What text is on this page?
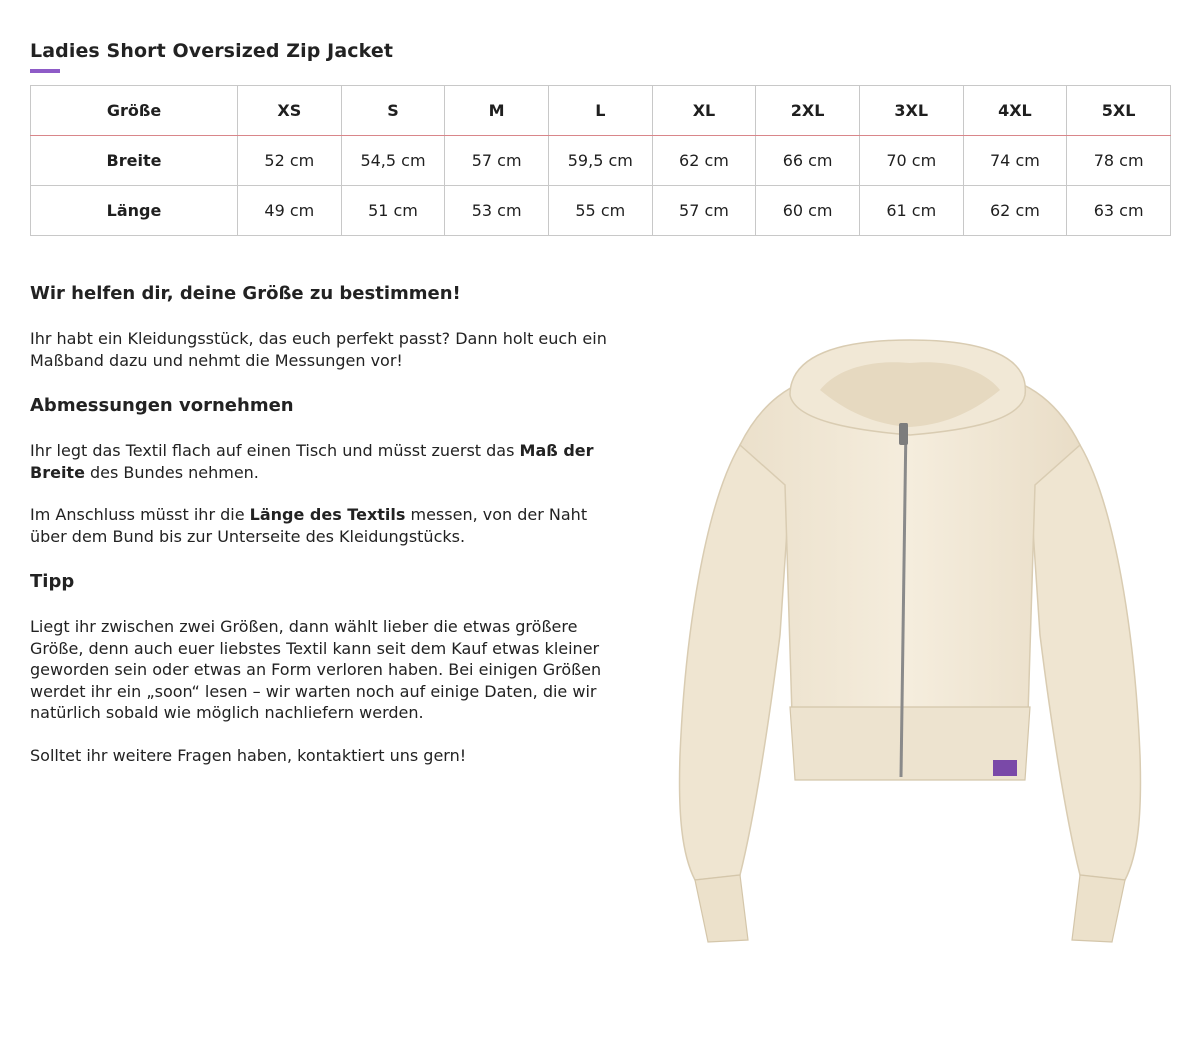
Ladies Short Oversized Zip Jacket
Größe	XS	S	M	L	XL	2XL	3XL	4XL	5XL
Breite	52 cm	54,5 cm	57 cm	59,5 cm	62 cm	66 cm	70 cm	74 cm	78 cm
Länge	49 cm	51 cm	53 cm	55 cm	57 cm	60 cm	61 cm	62 cm	63 cm
Wir helfen dir, deine Größe zu bestimmen!

Ihr habt ein Kleidungsstück, das euch perfekt passt? Dann holt euch ein Maßband dazu und nehmt die Messungen vor!

Abmessungen vornehmen

Ihr legt das Textil flach auf einen Tisch und müsst zuerst das Maß der Breite des Bundes nehmen.

Im Anschluss müsst ihr die Länge des Textils messen, von der Naht über dem Bund bis zur Unterseite des Kleidungstücks.

Tipp

Liegt ihr zwischen zwei Größen, dann wählt lieber die etwas größere Größe, denn auch euer liebstes Textil kann seit dem Kauf etwas kleiner geworden sein oder etwas an Form verloren haben. Bei einigen Größen werdet ihr ein „soon“ lesen – wir warten noch auf einige Daten, die wir natürlich sobald wie möglich nachliefern werden.

Solltet ihr weitere Fragen haben, kontaktiert uns gern!
